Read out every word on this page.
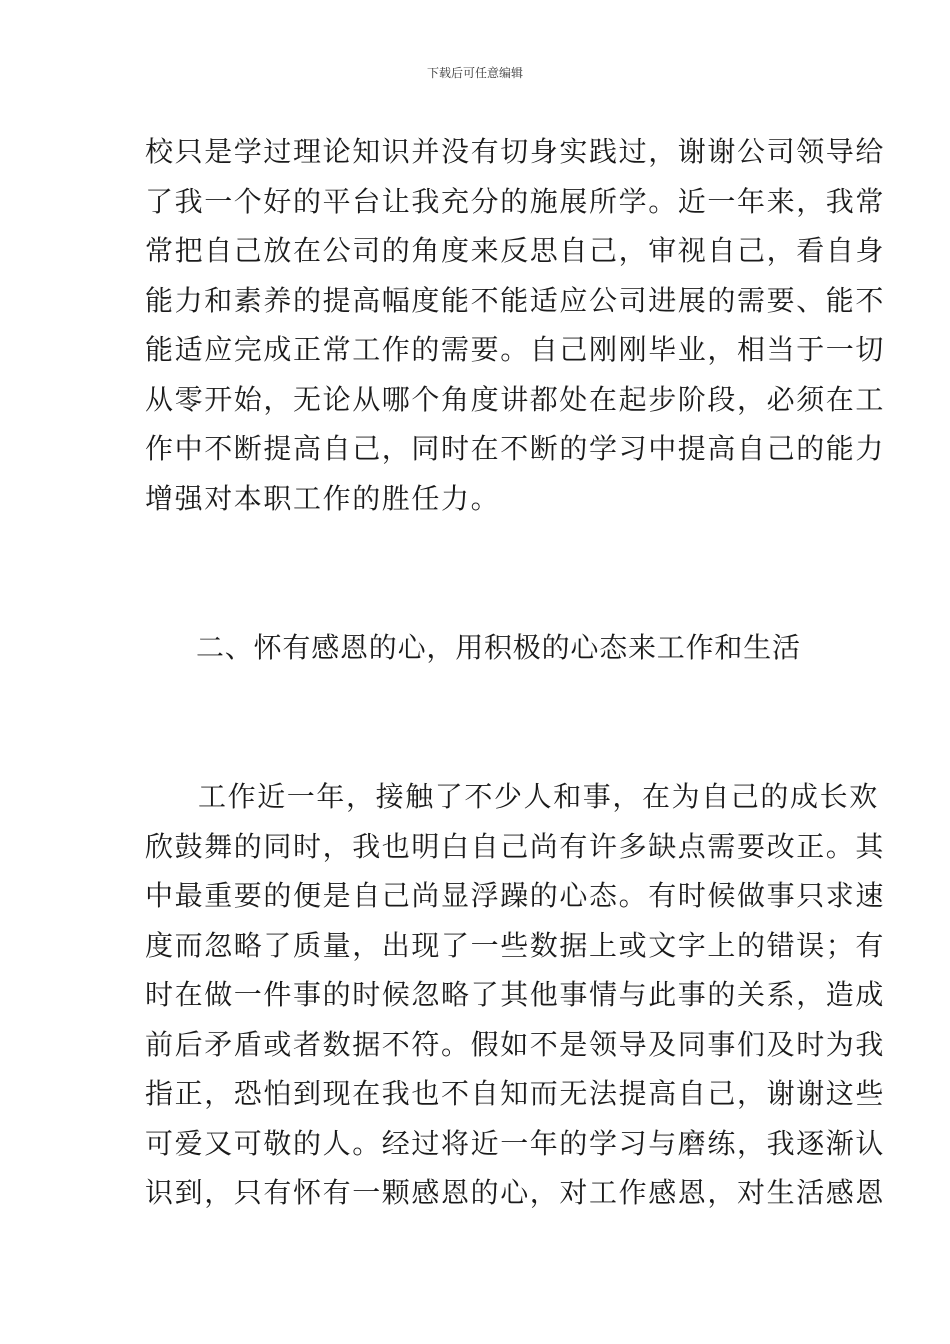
下载后可任意编辑
校只是学过理论知识并没有切身实践过，谢谢公司领导给
了我一个好的平台让我充分的施展所学。近一年来，我常
常把自己放在公司的角度来反思自己，审视自己，看自身
能力和素养的提高幅度能不能适应公司进展的需要、能不
能适应完成正常工作的需要。自己刚刚毕业，相当于一切
从零开始，无论从哪个角度讲都处在起步阶段，必须在工
作中不断提高自己，同时在不断的学习中提高自己的能力
增强对本职工作的胜任力。
二、怀有感恩的心，用积极的心态来工作和生活
工作近一年，接触了不少人和事，在为自己的成长欢
欣鼓舞的同时，我也明白自己尚有许多缺点需要改正。其
中最重要的便是自己尚显浮躁的心态。有时候做事只求速
度而忽略了质量，出现了一些数据上或文字上的错误；有
时在做一件事的时候忽略了其他事情与此事的关系，造成
前后矛盾或者数据不符。假如不是领导及同事们及时为我
指正，恐怕到现在我也不自知而无法提高自己，谢谢这些
可爱又可敬的人。经过将近一年的学习与磨练，我逐渐认
识到，只有怀有一颗感恩的心，对工作感恩，对生活感恩
